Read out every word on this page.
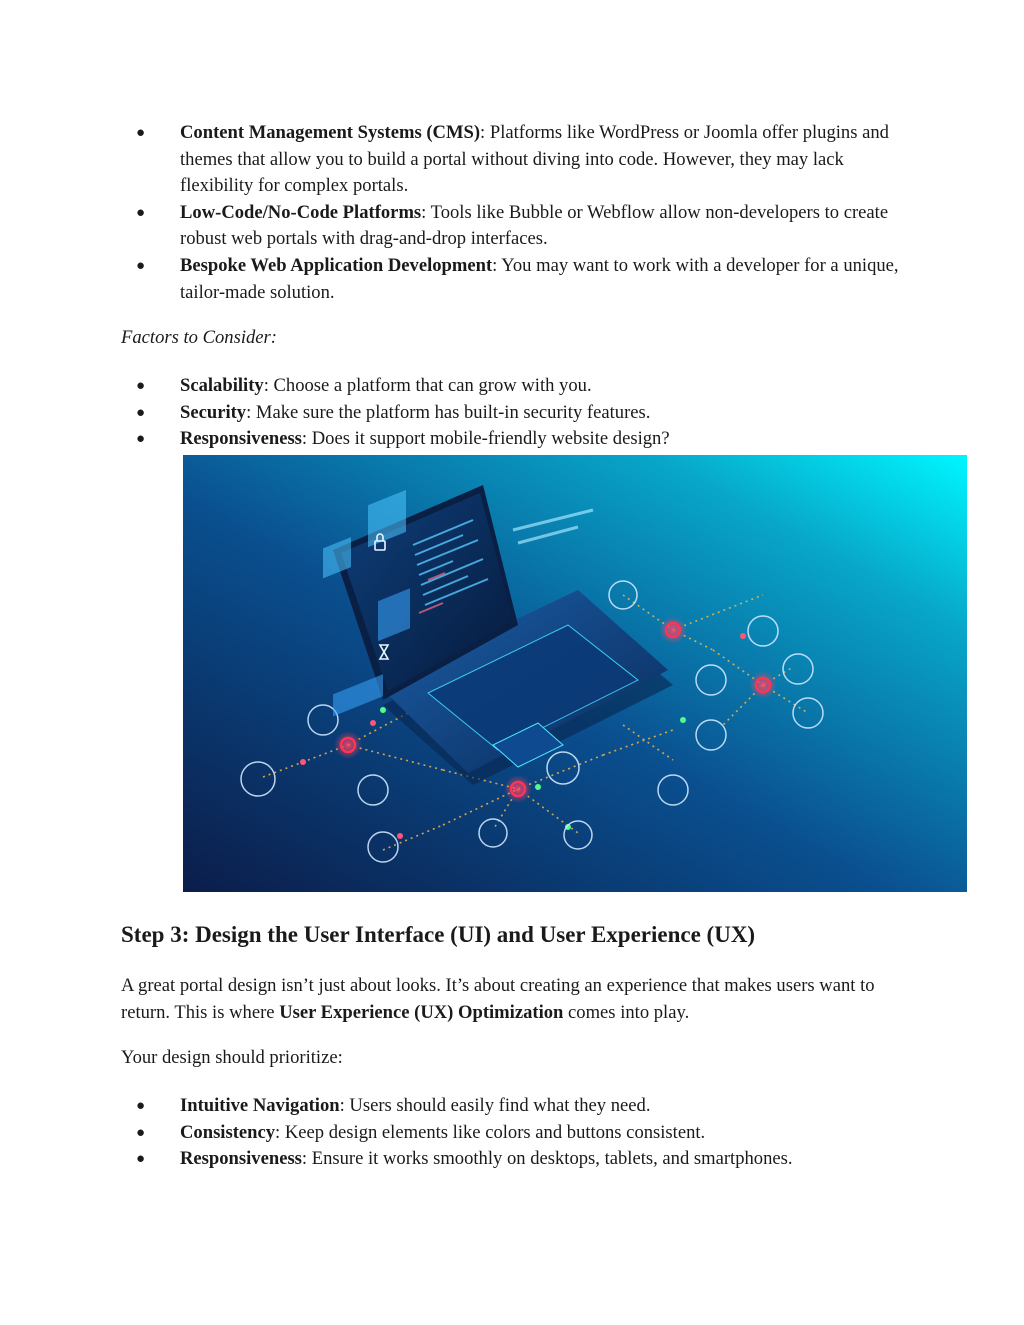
●	Content Management Systems (CMS): Platforms like WordPress or Joomla offer plugins and themes that allow you to build a portal without diving into code. However, they may lack flexibility for complex portals.
●	Low-Code/No-Code Platforms: Tools like Bubble or Webflow allow non-developers to create robust web portals with drag-and-drop interfaces.
●	Bespoke Web Application Development: You may want to work with a developer for a unique, tailor-made solution.
Factors to Consider:
●	Scalability: Choose a platform that can grow with you.
●	Security: Make sure the platform has built-in security features.
●	Responsiveness: Does it support mobile-friendly website design?
Step 3: Design the User Interface (UI) and User Experience (UX)

A great portal design isn’t just about looks. It’s about creating an experience that makes users want to return. This is where User Experience (UX) Optimization comes into play.

Your design should prioritize:

●	Intuitive Navigation: Users should easily find what they need.
●	Consistency: Keep design elements like colors and buttons consistent.
●	Responsiveness: Ensure it works smoothly on desktops, tablets, and smartphones.
